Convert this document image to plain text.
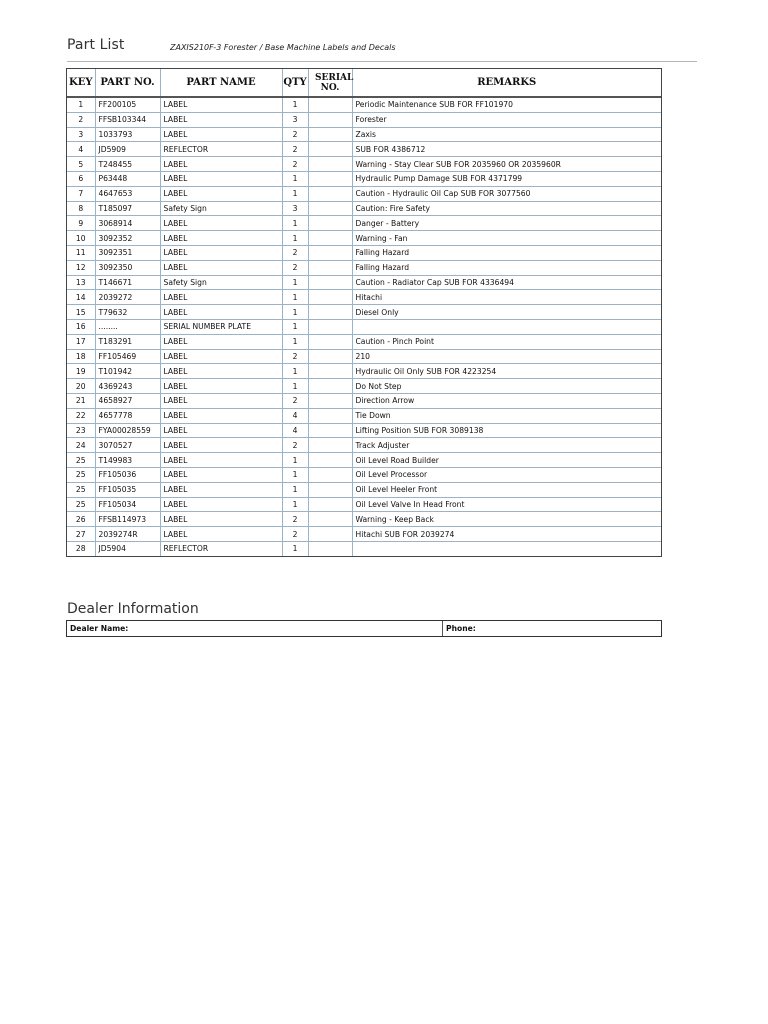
Part List	ZAXIS210F-3 Forester / Base Machine Labels and Decals
KEY	PART NO.	PART NAME	QTY	SERIAL NO.	REMARKS
1	FF200105	LABEL	1		Periodic Maintenance SUB FOR FF101970
2	FFSB103344	LABEL	3		Forester
3	1033793	LABEL	2		Zaxis
4	JD5909	REFLECTOR	2		SUB FOR 4386712
5	T248455	LABEL	2		Warning - Stay Clear SUB FOR 2035960 OR 2035960R
6	P63448	LABEL	1		Hydraulic Pump Damage SUB FOR 4371799
7	4647653	LABEL	1		Caution - Hydraulic Oil Cap SUB FOR 3077560
8	T185097	Safety Sign	3		Caution: Fire Safety
9	3068914	LABEL	1		Danger - Battery
10	3092352	LABEL	1		Warning - Fan
11	3092351	LABEL	2		Falling Hazard
12	3092350	LABEL	2		Falling Hazard
13	T146671	Safety Sign	1		Caution - Radiator Cap SUB FOR 4336494
14	2039272	LABEL	1		Hitachi
15	T79632	LABEL	1		Diesel Only
16	........	SERIAL NUMBER PLATE	1		
17	T183291	LABEL	1		Caution - Pinch Point
18	FF105469	LABEL	2		210
19	T101942	LABEL	1		Hydraulic Oil Only SUB FOR 4223254
20	4369243	LABEL	1		Do Not Step
21	4658927	LABEL	2		Direction Arrow
22	4657778	LABEL	4		Tie Down
23	FYA00028559	LABEL	4		Lifting Position SUB FOR 3089138
24	3070527	LABEL	2		Track Adjuster
25	T149983	LABEL	1		Oil Level Road Builder
25	FF105036	LABEL	1		Oil Level Processor
25	FF105035	LABEL	1		Oil Level Heeler Front
25	FF105034	LABEL	1		Oil Level Valve In Head Front
26	FFSB114973	LABEL	2		Warning - Keep Back
27	2039274R	LABEL	2		Hitachi SUB FOR 2039274
28	JD5904	REFLECTOR	1		
Dealer Information
Dealer Name:	Phone:
